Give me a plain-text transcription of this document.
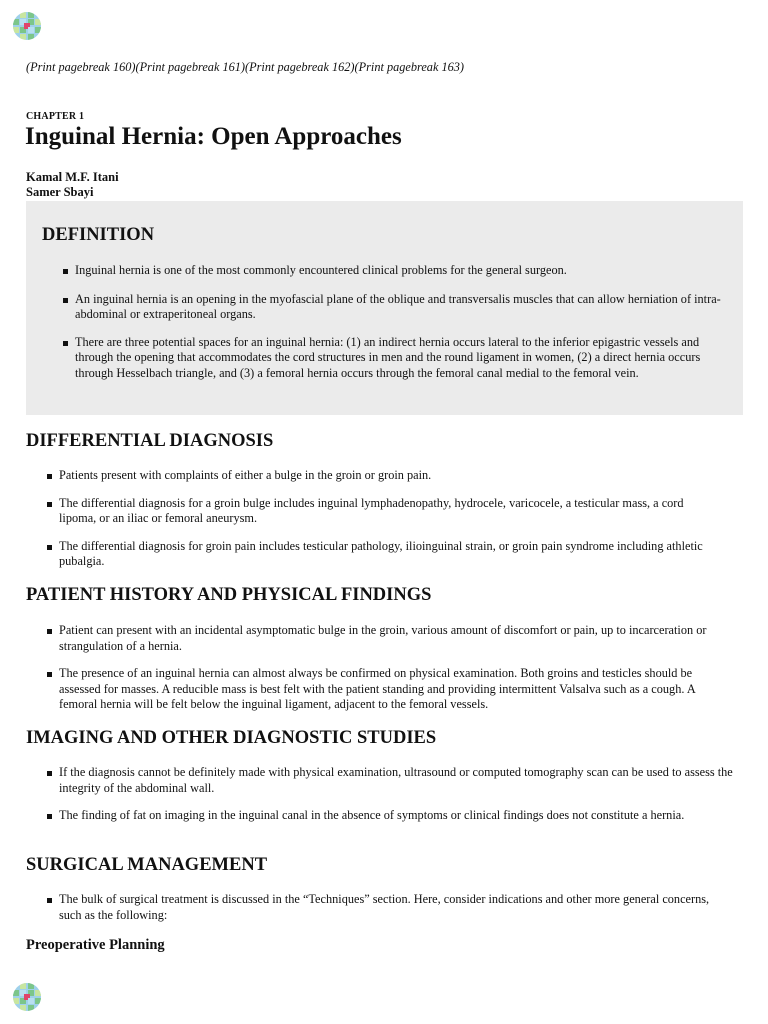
(Print pagebreak 160)(Print pagebreak 161)(Print pagebreak 162)(Print pagebreak 163)

CHAPTER 1

Inguinal Hernia: Open Approaches
Kamal M.F. Itani
Samer Sbayi
DEFINITION
Inguinal hernia is one of the most commonly encountered clinical problems for the general surgeon.
An inguinal hernia is an opening in the myofascial plane of the oblique and transversalis muscles that can allow herniation of intra-abdominal or extraperitoneal organs.
There are three potential spaces for an inguinal hernia: (1) an indirect hernia occurs lateral to the inferior epigastric vessels and through the opening that accommodates the cord structures in men and the round ligament in women, (2) a direct hernia occurs through Hesselbach triangle, and (3) a femoral hernia occurs through the femoral canal medial to the femoral vein.
DIFFERENTIAL DIAGNOSIS
Patients present with complaints of either a bulge in the groin or groin pain.
The differential diagnosis for a groin bulge includes inguinal lymphadenopathy, hydrocele, varicocele, a testicular mass, a cord lipoma, or an iliac or femoral aneurysm.
The differential diagnosis for groin pain includes testicular pathology, ilioinguinal strain, or groin pain syndrome including athletic pubalgia.
PATIENT HISTORY AND PHYSICAL FINDINGS
Patient can present with an incidental asymptomatic bulge in the groin, various amount of discomfort or pain, up to incarceration or strangulation of a hernia.
The presence of an inguinal hernia can almost always be confirmed on physical examination. Both groins and testicles should be assessed for masses. A reducible mass is best felt with the patient standing and providing intermittent Valsalva such as a cough. A femoral hernia will be felt below the inguinal ligament, adjacent to the femoral vessels.
IMAGING AND OTHER DIAGNOSTIC STUDIES
If the diagnosis cannot be definitely made with physical examination, ultrasound or computed tomography scan can be used to assess the integrity of the abdominal wall.
The finding of fat on imaging in the inguinal canal in the absence of symptoms or clinical findings does not constitute a hernia.
SURGICAL MANAGEMENT
The bulk of surgical treatment is discussed in the “Techniques” section. Here, consider indications and other more general concerns, such as the following:
Preoperative Planning
